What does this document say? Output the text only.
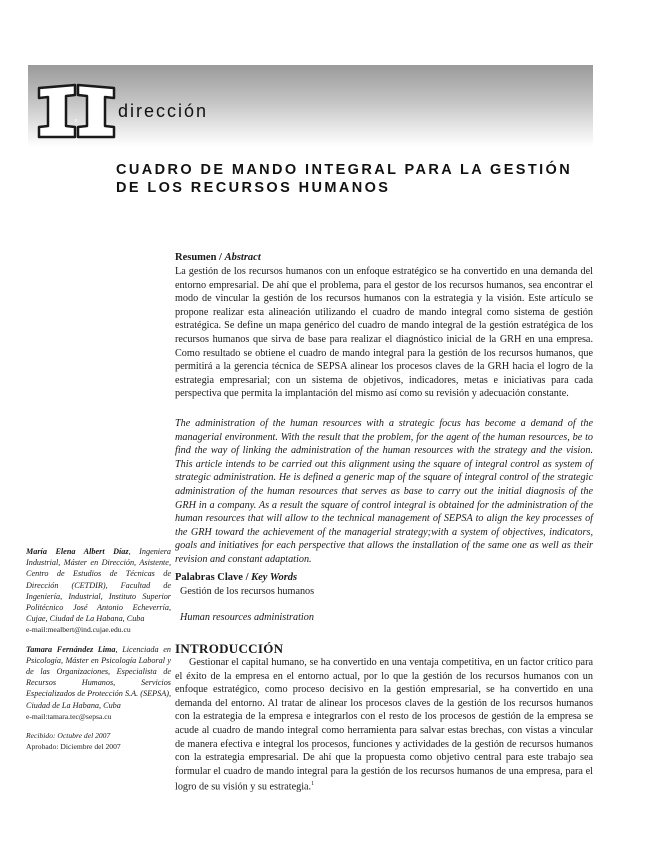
II dirección
CUADRO DE MANDO INTEGRAL PARA LA GESTIÓN
DE LOS RECURSOS HUMANOS
Resumen / Abstract

La gestión de los recursos humanos con un enfoque estratégico se ha convertido en una demanda del entorno empresarial. De ahí que el problema, para el gestor de los recursos humanos, sea encontrar el modo de vincular la gestión de los recursos humanos con la estrategia y la visión. Este artículo se propone realizar esta alineación utilizando el cuadro de mando integral como sistema de gestión estratégica. Se define un mapa genérico del cuadro de mando integral de la gestión estratégica de los recursos humanos que sirva de base para realizar el diagnóstico inicial de la GRH en una empresa. Como resultado se obtiene el cuadro de mando integral para la gestión de los recursos humanos, que permitirá a la gerencia técnica de SEPSA alinear los procesos claves de la GRH hacia el logro de la estrategia empresarial; con un sistema de objetivos, indicadores, metas e iniciativas para cada perspectiva que permita la implantación del mismo así como su revisión y adecuación constante.

The administration of the human resources with a strategic focus has become a demand of the managerial environment. With the result that the problem, for the agent of the human resources, be to find the way of linking the administration of the human resources with the strategy and the vision. This article intends to be carried out this alignment using the square of integral control as system of strategic administration. He is defined a generic map of the square of integral control of the strategic administration of the human resources that serves as base to carry out the initial diagnosis of the GRH in a company. As a result the square of control integral is obtained for the administration of the human resources that will allow to the technical management of SEPSA to align the key processes of the GRH toward the achievement of the managerial strategy;with a system of objectives, indicators, goals and initiatives for each perspective that allows the installation of the same one as well as their revision and constant adaptation.

Palabras Clave / Key Words
Gestión de los recursos humanos
Human resources administration
INTRODUCCIÓN

Gestionar el capital humano, se ha convertido en una ventaja competitiva, en un factor crítico para el éxito de la empresa en el entorno actual, por lo que la gestión de los recursos humanos con un enfoque estratégico, como proceso decisivo en la gestión empresarial, se ha convertido en una demanda del entorno. Al tratar de alinear los procesos claves de la gestión de los recursos humanos con la estrategia de la empresa e integrarlos con el resto de los procesos de gestión de la empresa se acude al cuadro de mando integral como herramienta para salvar estas brechas, con vistas a vincular de manera efectiva e integral los procesos, funciones y actividades de la gestión de recursos humanos con la estrategia empresarial. De ahí que la propuesta como objetivo central para este trabajo sea formular el cuadro de mando integral para la gestión de los recursos humanos de una empresa, para el logro de su visión y su estrategia.$^1$

María Elena Albert Díaz, Ingeniera Industrial, Máster en Dirección, Asistente, Centro de Estudios de Técnicas de Dirección (CETDIR), Facultad de Ingeniería, Industrial, Instituto Superior Politécnico José Antonio Echeverría, Cujae, Ciudad de La Habana, Cuba

e-mail:mealbert@ind.cujae.edu.cu

Tamara Fernández Lima, Licenciada en Psicología, Máster en Psicología Laboral y de las Organizaciones, Especialista de Recursos Humanos, Servicios Especializados de Protección S.A. (SEPSA), Ciudad de La Habana, Cuba

e-mail:tamara.tec@sepsa.cu

Recibido: Octubre del 2007

Aprobado: Diciembre del 2007
